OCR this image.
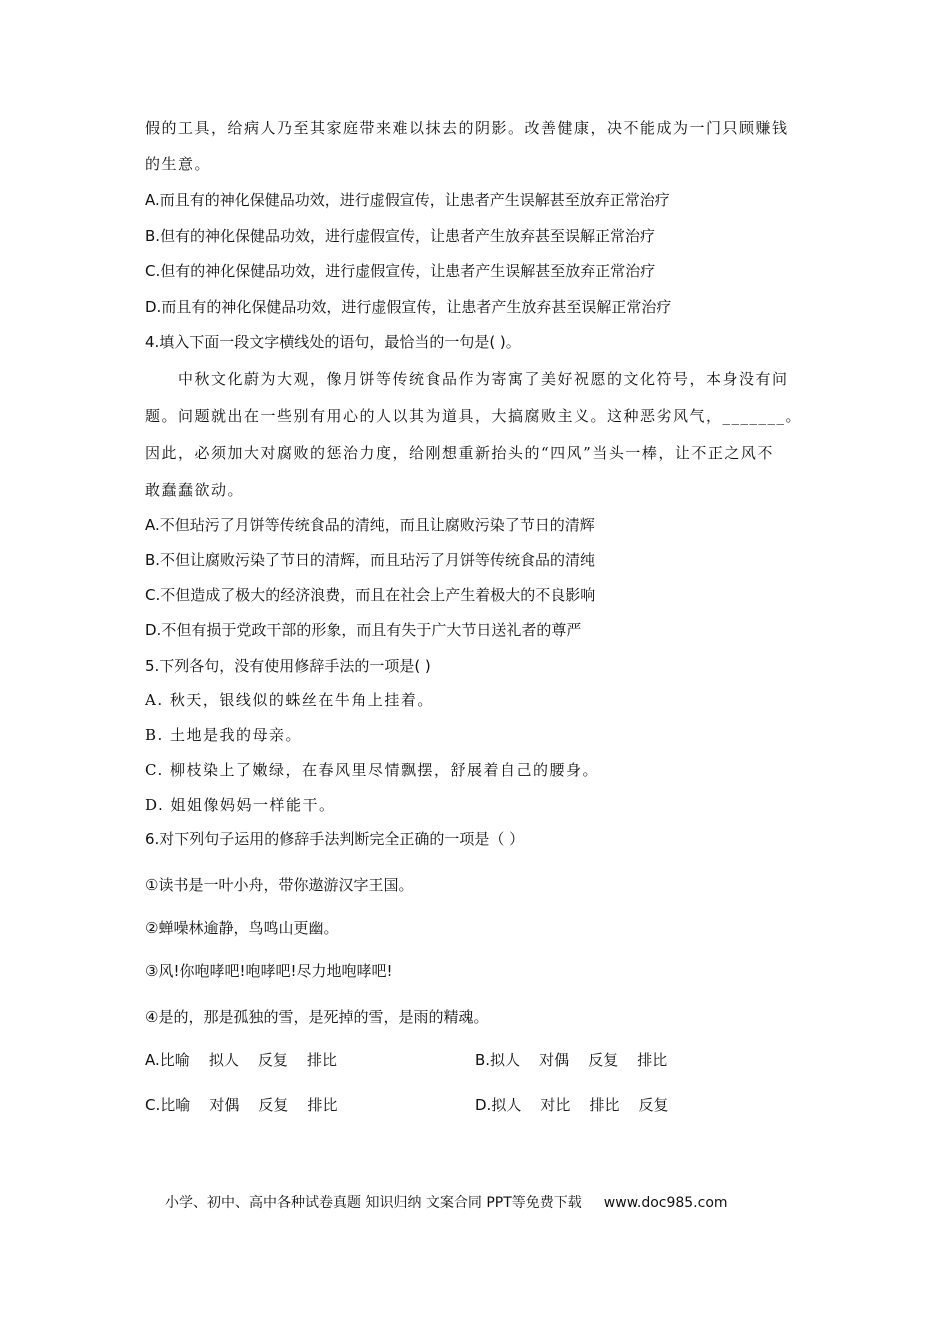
假的工具，给病人乃至其家庭带来难以抹去的阴影。改善健康，决不能成为一门只顾赚钱
的生意。
A.而且有的神化保健品功效，进行虚假宣传，让患者产生误解甚至放弃正常治疗
B.但有的神化保健品功效，进行虚假宣传，让患者产生放弃甚至误解正常治疗
C.但有的神化保健品功效，进行虚假宣传，让患者产生误解甚至放弃正常治疗
D.而且有的神化保健品功效，进行虚假宣传，让患者产生放弃甚至误解正常治疗
4.填入下面一段文字横线处的语句，最恰当的一句是( )。
中秋文化蔚为大观，像月饼等传统食品作为寄寓了美好祝愿的文化符号，本身没有问
题。问题就出在一些别有用心的人以其为道具，大搞腐败主义。这种恶劣风气，_______。
因此，必须加大对腐败的惩治力度，给刚想重新抬头的“四风”当头一棒，让不正之风不
敢蠢蠢欲动。
A.不但玷污了月饼等传统食品的清纯，而且让腐败污染了节日的清辉
B.不但让腐败污染了节日的清辉，而且玷污了月饼等传统食品的清纯
C.不但造成了极大的经济浪费，而且在社会上产生着极大的不良影响
D.不但有损于党政干部的形象，而且有失于广大节日送礼者的尊严
5.下列各句，没有使用修辞手法的一项是( )
A. 秋天，银线似的蛛丝在牛角上挂着。
B. 土地是我的母亲。
C. 柳枝染上了嫩绿，在春风里尽情飘摆，舒展着自己的腰身。
D. 姐姐像妈妈一样能干。
6.对下列句子运用的修辞手法判断完全正确的一项是（ ）
①读书是一叶小舟，带你遨游汉字王国。
②蝉噪林逾静，鸟鸣山更幽。
③风!你咆哮吧!咆哮吧!尽力地咆哮吧!
④是的，那是孤独的雪，是死掉的雪，是雨的精魂。
A.比喻    拟人    反复    排比	B.拟人    对偶    反复    排比
C.比喻    对偶    反复    排比	D.拟人    对比    排比    反复
小学、初中、高中各种试卷真题 知识归纳 文案合同 PPT等免费下载 www.doc985.com
